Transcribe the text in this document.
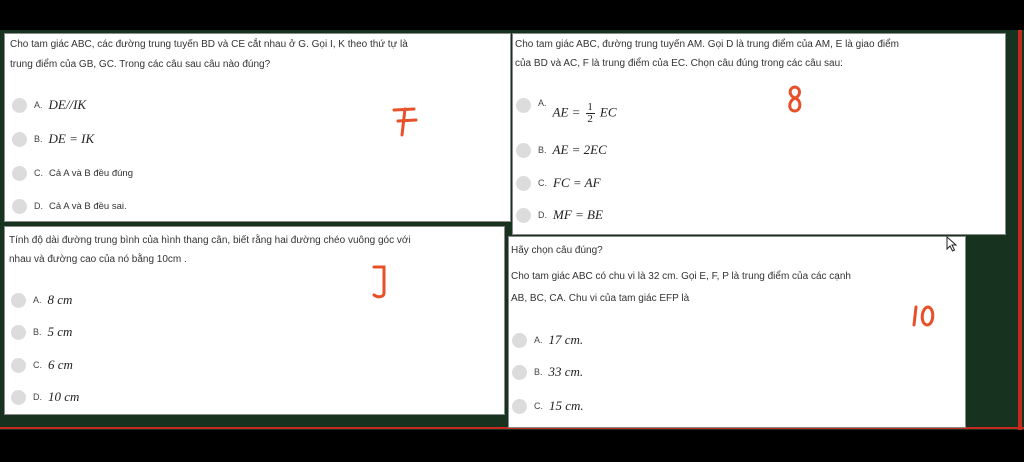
Cho tam giác ABC, các đường trung tuyến BD và CE cắt nhau ở G. Gọi I, K theo thứ tự là
trung điểm của GB, GC. Trong các câu sau câu nào đúng?
A. DE//IK
B. DE = IK
C. Cả A và B đều đúng
D. Cả A và B đều sai.
Cho tam giác ABC, đường trung tuyến AM. Gọi D là trung điểm của AM, E là giao điểm
của BD và AC, F là trung điểm của EC. Chọn câu đúng trong các câu sau:
A.
AE = $\frac{1}{2}$ EC
B. AE = 2EC
C. FC = AF
D. MF = BE
Tính độ dài đường trung bình của hình thang cân, biết rằng hai đường chéo vuông góc với
nhau và đường cao của nó bằng 10cm .
A. 8 cm
B. 5 cm
C. 6 cm
D. 10 cm
Hãy chọn câu đúng?
Cho tam giác ABC có chu vi là 32 cm. Gọi E, F, P là trung điểm của các cạnh
AB, BC, CA. Chu vi của tam giác EFP là
A. 17 cm.
B. 33 cm.
C. 15 cm.
